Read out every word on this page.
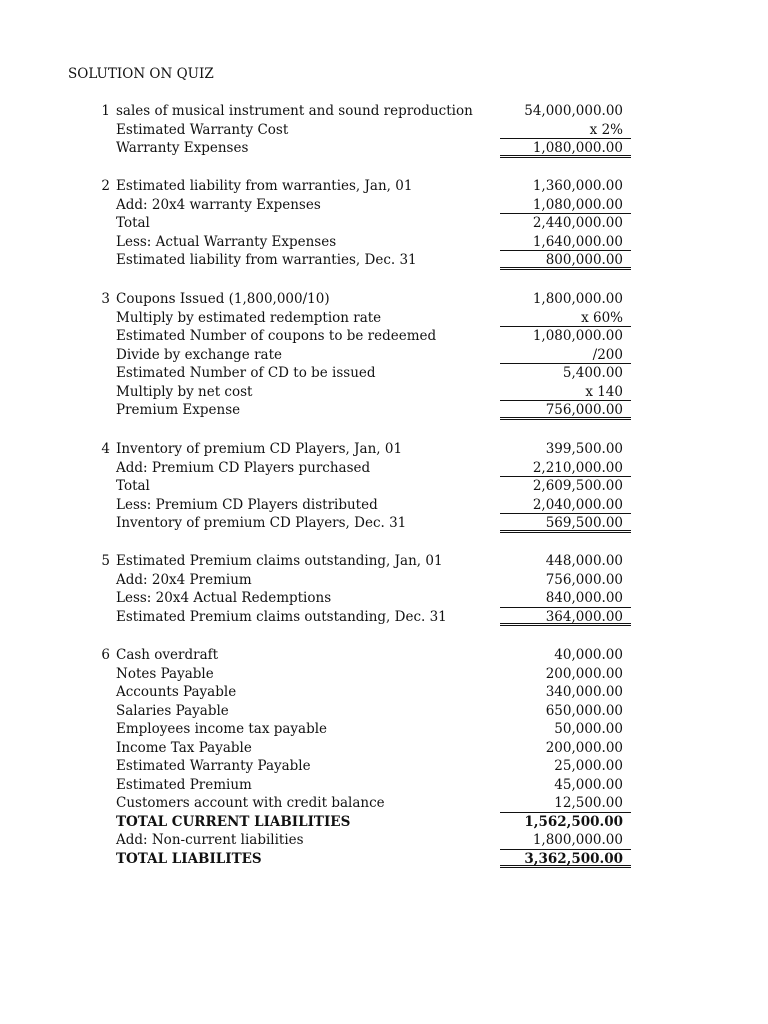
SOLUTION ON QUIZ
1 sales of musical instrument and sound reproduction	54,000,000.00
Estimated Warranty Cost	x 2%
Warranty Expenses	1,080,000.00
2 Estimated liability from warranties, Jan, 01	1,360,000.00
Add: 20x4 warranty Expenses	1,080,000.00
Total	2,440,000.00
Less: Actual Warranty Expenses	1,640,000.00
Estimated liability from warranties, Dec. 31	800,000.00
3 Coupons Issued (1,800,000/10)	1,800,000.00
Multiply by estimated redemption rate	x 60%
Estimated Number of coupons to be redeemed	1,080,000.00
Divide by exchange rate	/200
Estimated Number of CD to be issued	5,400.00
Multiply by net cost	x 140
Premium Expense	756,000.00
4 Inventory of premium CD Players, Jan, 01	399,500.00
Add: Premium CD Players purchased	2,210,000.00
Total	2,609,500.00
Less: Premium CD Players distributed	2,040,000.00
Inventory of premium CD Players, Dec. 31	569,500.00
5 Estimated Premium claims outstanding, Jan, 01	448,000.00
Add: 20x4 Premium	756,000.00
Less: 20x4 Actual Redemptions	840,000.00
Estimated Premium claims outstanding, Dec. 31	364,000.00
6 Cash overdraft	40,000.00
Notes Payable	200,000.00
Accounts Payable	340,000.00
Salaries Payable	650,000.00
Employees income tax payable	50,000.00
Income Tax Payable	200,000.00
Estimated Warranty Payable	25,000.00
Estimated Premium	45,000.00
Customers account with credit balance	12,500.00
TOTAL CURRENT LIABILITIES	1,562,500.00
Add: Non-current liabilities	1,800,000.00
TOTAL LIABILITES	3,362,500.00
